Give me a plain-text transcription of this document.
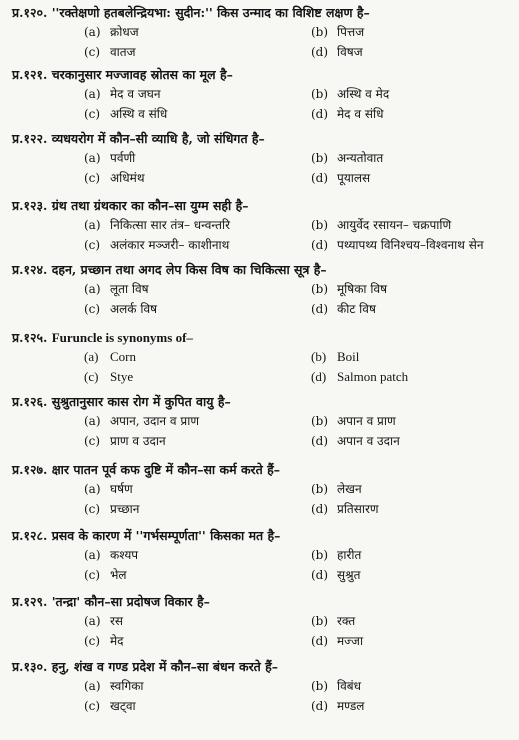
प्र.१२०. ''रक्तेक्षणो हतबलेन्द्रियभा: सुदीन:'' किस उन्माद का विशिष्ट लक्षण है–
(a) क्रोधज	(b) पित्तज
(c) वातज	(d) विषज
प्र.१२१. चरकानुसार मज्जावह स्रोतस का मूल है–
(a) मेद व जघन	(b) अस्थि व मेद
(c) अस्थि व संधि	(d) मेद व संधि
प्र.१२२. व्यधयरोग में कौन–सी व्याधि है, जो संधिगत है–
(a) पर्वणी	(b) अन्यतोवात
(c) अधिमंथ	(d) पूयालस
प्र.१२३. ग्रंथ तथा ग्रंथकार का कौन–सा युग्म सही है–
(a) निकित्सा सार तंत्र– धन्वन्तरि	(b) आयुर्वेद रसायन– चक्रपाणि
(c) अलंकार मञ्जरी– काशीनाथ	(d) पथ्यापथ्य विनिश्चय–विश्वनाथ सेन
प्र.१२४. दहन, प्रच्छान तथा अगद लेप किस विष का चिकित्सा सूत्र है–
(a) लूता विष	(b) मूषिका विष
(c) अलर्क विष	(d) कीट विष
प्र.१२५. Furuncle is synonyms of–
(a) Corn	(b) Boil
(c) Stye	(d) Salmon patch
प्र.१२६. सुश्रुतानुसार कास रोग में कुपित वायु है–
(a) अपान, उदान व प्राण	(b) अपान व प्राण
(c) प्राण व उदान	(d) अपान व उदान
प्र.१२७. क्षार पातन पूर्व कफ दुष्टि में कौन–सा कर्म करते हैं–
(a) घर्षण	(b) लेखन
(c) प्रच्छान	(d) प्रतिसारण
प्र.१२८. प्रसव के कारण में ''गर्भसम्पूर्णता'' किसका मत है–
(a) कश्यप	(b) हारीत
(c) भेल	(d) सुश्रुत
प्र.१२९. 'तन्द्रा' कौन–सा प्रदोषज विकार है–
(a) रस	(b) रक्त
(c) मेद	(d) मज्जा
प्र.१३०. हनु, शंख व गण्ड प्रदेश में कौन–सा बंधन करते हैं–
(a) स्वगिका	(b) विबंध
(c) खट्वा	(d) मण्डल
